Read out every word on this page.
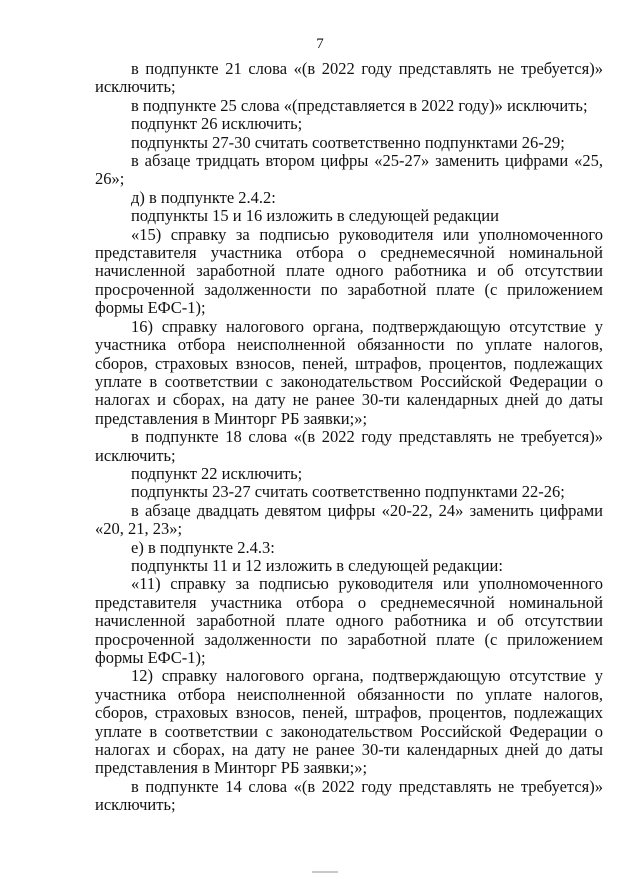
7

в подпункте 21 слова «(в 2022 году представлять не требуется)» исключить;

в подпункте 25 слова «(представляется в 2022 году)» исключить;

подпункт 26 исключить;

подпункты 27-30 считать соответственно подпунктами 26-29;

в абзаце тридцать втором цифры «25-27» заменить цифрами «25, 26»;

д) в подпункте 2.4.2:

подпункты 15 и 16 изложить в следующей редакции

«15) справку за подписью руководителя или уполномоченного представителя участника отбора о среднемесячной номинальной начисленной заработной плате одного работника и об отсутствии просроченной задолженности по заработной плате (с приложением формы ЕФС-1);

16) справку налогового органа, подтверждающую отсутствие у участника отбора неисполненной обязанности по уплате налогов, сборов, страховых взносов, пеней, штрафов, процентов, подлежащих уплате в соответствии с законодательством Российской Федерации о налогах и сборах, на дату не ранее 30-ти календарных дней до даты представления в Минторг РБ заявки;»;

в подпункте 18 слова «(в 2022 году представлять не требуется)» исключить;

подпункт 22 исключить;

подпункты 23-27 считать соответственно подпунктами 22-26;

в абзаце двадцать девятом цифры «20-22, 24» заменить цифрами «20, 21, 23»;

е) в подпункте 2.4.3:

подпункты 11 и 12 изложить в следующей редакции:

«11) справку за подписью руководителя или уполномоченного представителя участника отбора о среднемесячной номинальной начисленной заработной плате одного работника и об отсутствии просроченной задолженности по заработной плате (с приложением формы ЕФС-1);

12) справку налогового органа, подтверждающую отсутствие у участника отбора неисполненной обязанности по уплате налогов, сборов, страховых взносов, пеней, штрафов, процентов, подлежащих уплате в соответствии с законодательством Российской Федерации о налогах и сборах, на дату не ранее 30-ти календарных дней до даты представления в Минторг РБ заявки;»;

в подпункте 14 слова «(в 2022 году представлять не требуется)» исключить;
